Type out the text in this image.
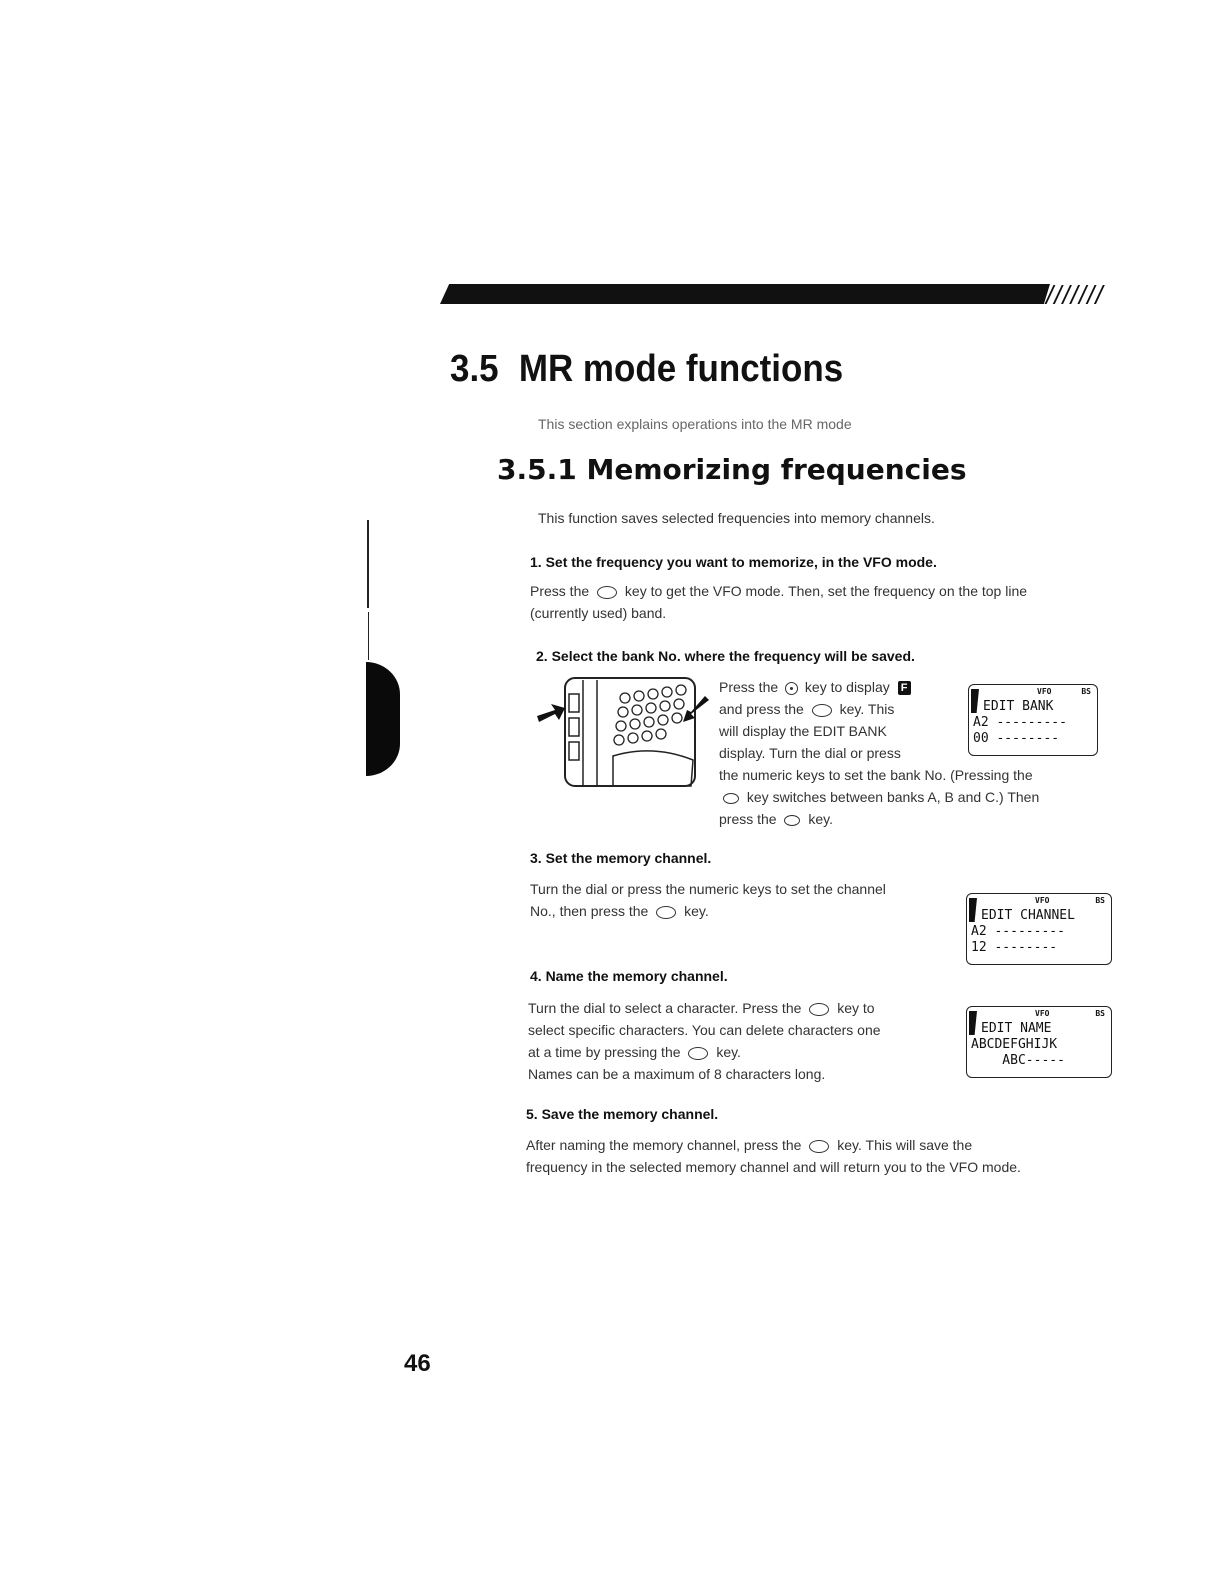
///////
3.5 MR mode functions
This section explains operations into the MR mode
3.5.1 Memorizing frequencies
This function saves selected frequencies into memory channels.
1. Set the frequency you want to memorize, in the VFO mode.
Press the	key to get the VFO mode. Then, set the frequency on the top line
(currently used) band.
2. Select the bank No. where the frequency will be saved.
Press the key to display F
and press the	key. This
will display the EDIT BANK
display. Turn the dial or press
the numeric keys to set the bank No. (Pressing the
key switches between banks A, B and C.) Then
press the key.
VFO	BS
EDIT BANK
A2 ---------
00 --------
3. Set the memory channel.
Turn the dial or press the numeric keys to set the channel
No., then press the	key.
VFO	BS
EDIT CHANNEL
A2 ---------
12 --------
4. Name the memory channel.
Turn the dial to select a character. Press the	key to
select specific characters. You can delete characters one
at a time by pressing the	key.
Names can be a maximum of 8 characters long.
VFO	BS
EDIT NAME
ABCDEFGHIJK
ABC-----
5. Save the memory channel.
After naming the memory channel, press the	key. This will save the
frequency in the selected memory channel and will return you to the VFO mode.
46
